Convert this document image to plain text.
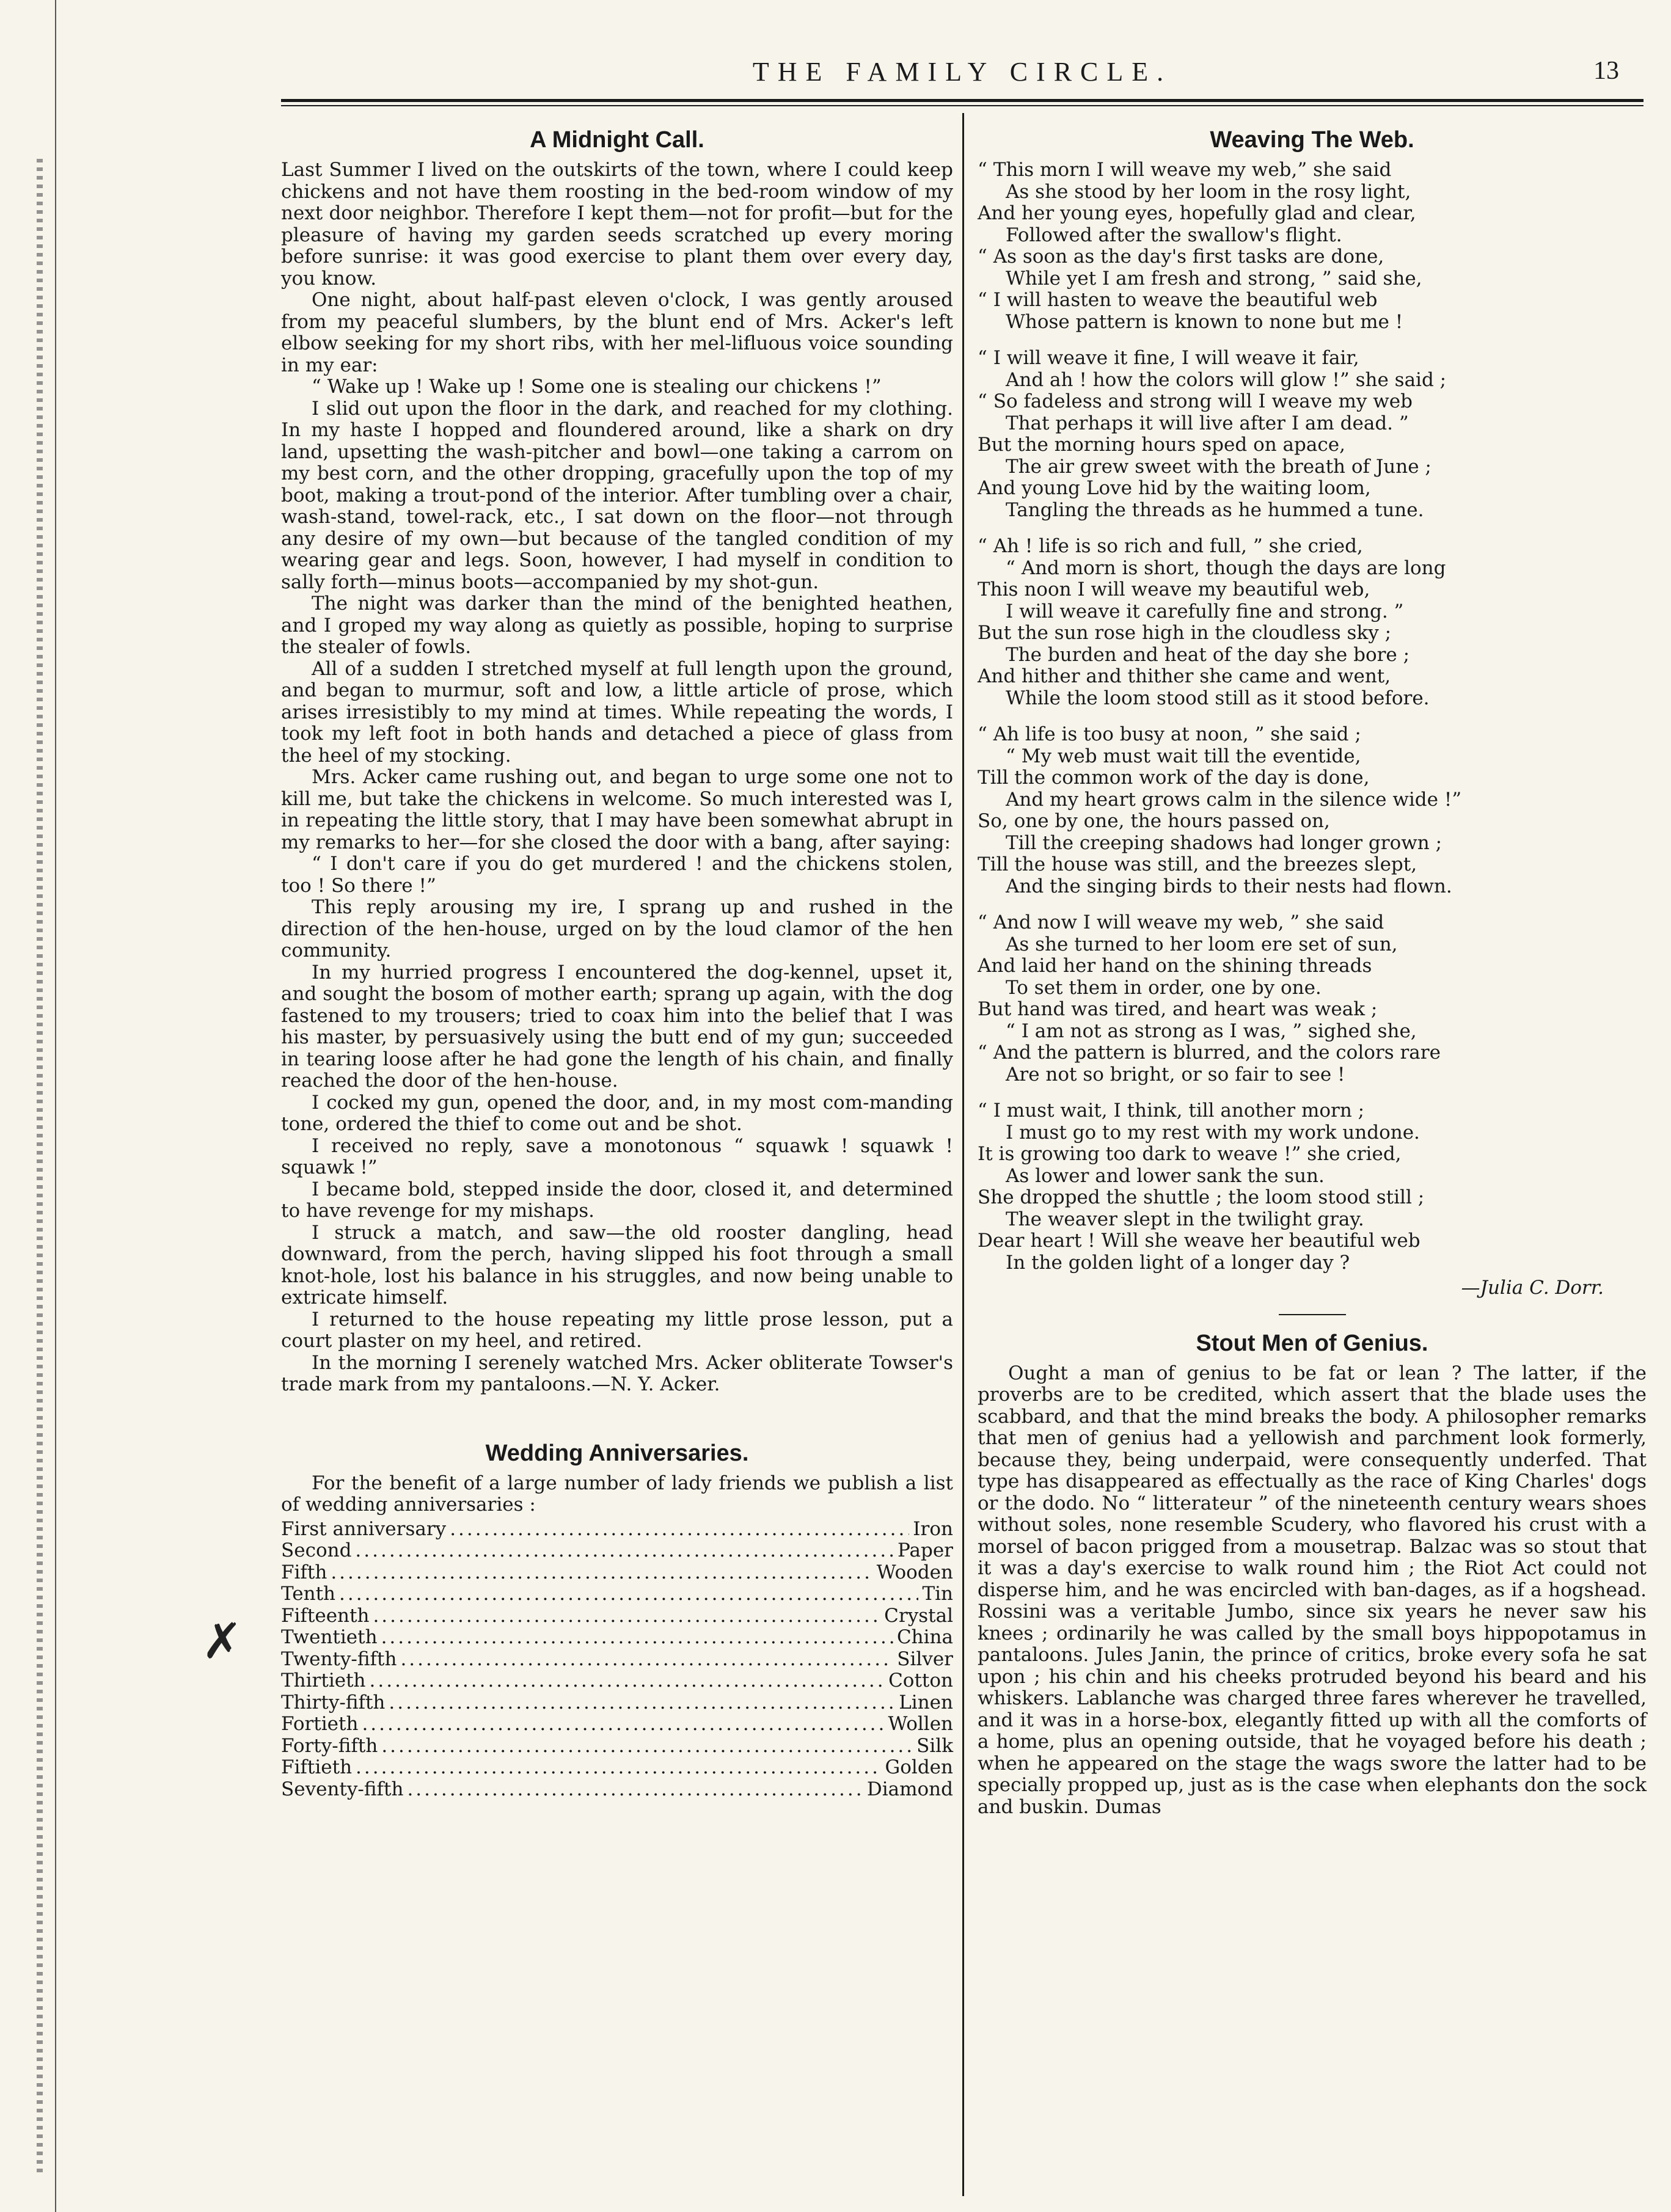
THE FAMILY CIRCLE.	13
✗
A Midnight Call.

Last Summer I lived on the outskirts of the town, where I could keep chickens and not have them roosting in the bed-room window of my next door neighbor. Therefore I kept them—not for profit—but for the pleasure of having my garden seeds scratched up every moring before sunrise: it was good exercise to plant them over every day, you know.

One night, about half-past eleven o'clock, I was gently aroused from my peaceful slumbers, by the blunt end of Mrs. Acker's left elbow seeking for my short ribs, with her mel-lifluous voice sounding in my ear:

“ Wake up ! Wake up ! Some one is stealing our chickens !”

I slid out upon the floor in the dark, and reached for my clothing. In my haste I hopped and floundered around, like a shark on dry land, upsetting the wash-pitcher and bowl—one taking a carrom on my best corn, and the other dropping, gracefully upon the top of my boot, making a trout-pond of the interior. After tumbling over a chair, wash-stand, towel-rack, etc., I sat down on the floor—not through any desire of my own—but because of the tangled condition of my wearing gear and legs. Soon, however, I had myself in condition to sally forth—minus boots—accompanied by my shot-gun.

The night was darker than the mind of the benighted heathen, and I groped my way along as quietly as possible, hoping to surprise the stealer of fowls.

All of a sudden I stretched myself at full length upon the ground, and began to murmur, soft and low, a little article of prose, which arises irresistibly to my mind at times. While repeating the words, I took my left foot in both hands and detached a piece of glass from the heel of my stocking.

Mrs. Acker came rushing out, and began to urge some one not to kill me, but take the chickens in welcome. So much interested was I, in repeating the little story, that I may have been somewhat abrupt in my remarks to her—for she closed the door with a bang, after saying:

“ I don't care if you do get murdered ! and the chickens stolen, too ! So there !”

This reply arousing my ire, I sprang up and rushed in the direction of the hen-house, urged on by the loud clamor of the hen community.

In my hurried progress I encountered the dog-kennel, upset it, and sought the bosom of mother earth; sprang up again, with the dog fastened to my trousers; tried to coax him into the belief that I was his master, by persuasively using the butt end of my gun; succeeded in tearing loose after he had gone the length of his chain, and finally reached the door of the hen-house.

I cocked my gun, opened the door, and, in my most com-manding tone, ordered the thief to come out and be shot.

I received no reply, save a monotonous “ squawk ! squawk ! squawk !”

I became bold, stepped inside the door, closed it, and determined to have revenge for my mishaps.

I struck a match, and saw—the old rooster dangling, head downward, from the perch, having slipped his foot through a small knot-hole, lost his balance in his struggles, and now being unable to extricate himself.

I returned to the house repeating my little prose lesson, put a court plaster on my heel, and retired.

In the morning I serenely watched Mrs. Acker obliterate Towser's trade mark from my pantaloons.—N. Y. Acker.

Wedding Anniversaries.

For the benefit of a large number of lady friends we publish a list of wedding anniversaries :

First anniversary .....	Iron
Second .....	Paper
Fifth .....	Wooden
Tenth .....	Tin
Fifteenth .....	Crystal
Twentieth .....	China
Twenty-fifth .....	Silver
Thirtieth .....	Cotton
Thirty-fifth .....	Linen
Fortieth .....	Wollen
Forty-fifth .....	Silk
Fiftieth .....	Golden
Seventy-fifth .....	Diamond
Weaving The Web.
“ This morn I will weave my web,” she said
As she stood by her loom in the rosy light,
And her young eyes, hopefully glad and clear,
Followed after the swallow's flight.
“ As soon as the day's first tasks are done,
While yet I am fresh and strong, ” said she,
“ I will hasten to weave the beautiful web
Whose pattern is known to none but me !
“ I will weave it fine, I will weave it fair,
And ah ! how the colors will glow !” she said ;
“ So fadeless and strong will I weave my web
That perhaps it will live after I am dead. ”
But the morning hours sped on apace,
The air grew sweet with the breath of June ;
And young Love hid by the waiting loom,
Tangling the threads as he hummed a tune.
“ Ah ! life is so rich and full, ” she cried,
“ And morn is short, though the days are long
This noon I will weave my beautiful web,
I will weave it carefully fine and strong. ”
But the sun rose high in the cloudless sky ;
The burden and heat of the day she bore ;
And hither and thither she came and went,
While the loom stood still as it stood before.
“ Ah life is too busy at noon, ” she said ;
“ My web must wait till the eventide,
Till the common work of the day is done,
And my heart grows calm in the silence wide !”
So, one by one, the hours passed on,
Till the creeping shadows had longer grown ;
Till the house was still, and the breezes slept,
And the singing birds to their nests had flown.
“ And now I will weave my web, ” she said
As she turned to her loom ere set of sun,
And laid her hand on the shining threads
To set them in order, one by one.
But hand was tired, and heart was weak ;
“ I am not as strong as I was, ” sighed she,
“ And the pattern is blurred, and the colors rare
Are not so bright, or so fair to see !
“ I must wait, I think, till another morn ;
I must go to my rest with my work undone.
It is growing too dark to weave !” she cried,
As lower and lower sank the sun.
She dropped the shuttle ; the loom stood still ;
The weaver slept in the twilight gray.
Dear heart ! Will she weave her beautiful web
In the golden light of a longer day ?
—Julia C. Dorr.
Stout Men of Genius.

Ought a man of genius to be fat or lean ? The latter, if the proverbs are to be credited, which assert that the blade uses the scabbard, and that the mind breaks the body. A philosopher remarks that men of genius had a yellowish and parchment look formerly, because they, being underpaid, were consequently underfed. That type has disappeared as effectually as the race of King Charles' dogs or the dodo. No “ litterateur ” of the nineteenth century wears shoes without soles, none resemble Scudery, who flavored his crust with a morsel of bacon prigged from a mousetrap. Balzac was so stout that it was a day's exercise to walk round him ; the Riot Act could not disperse him, and he was encircled with ban-dages, as if a hogshead. Rossini was a veritable Jumbo, since six years he never saw his knees ; ordinarily he was called by the small boys hippopotamus in pantaloons. Jules Janin, the prince of critics, broke every sofa he sat upon ; his chin and his cheeks protruded beyond his beard and his whiskers. Lablanche was charged three fares wherever he travelled, and it was in a horse-box, elegantly fitted up with all the comforts of a home, plus an opening outside, that he voyaged before his death ; when he appeared on the stage the wags swore the latter had to be specially propped up, just as is the case when elephants don the sock and buskin. Dumas
